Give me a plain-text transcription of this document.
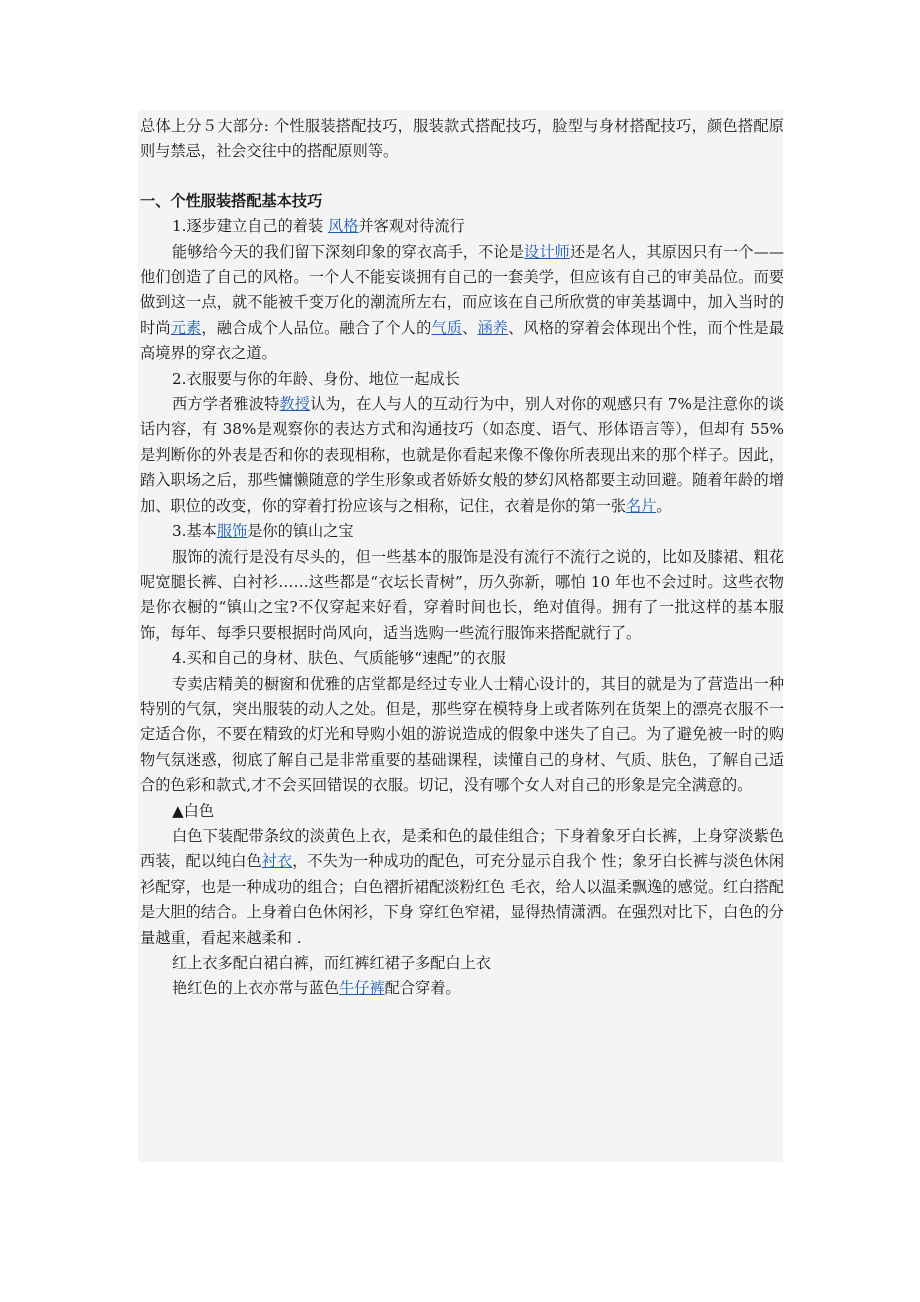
总体上分５大部分: 个性服装搭配技巧，服装款式搭配技巧，脸型与身材搭配技巧，颜色搭配原则与禁忌，社会交往中的搭配原则等。

一、个性服装搭配基本技巧

1.逐步建立自己的着装 风格并客观对待流行

能够给今天的我们留下深刻印象的穿衣高手，不论是设计师还是名人，其原因只有一个——他们创造了自己的风格。一个人不能妄谈拥有自己的一套美学，但应该有自己的审美品位。而要做到这一点，就不能被千变万化的潮流所左右，而应该在自己所欣赏的审美基调中，加入当时的时尚元素，融合成个人品位。融合了个人的气质、涵养、风格的穿着会体现出个性，而个性是最高境界的穿衣之道。

2.衣服要与你的年龄、身份、地位一起成长

西方学者雅波特教授认为，在人与人的互动行为中，别人对你的观感只有 7%是注意你的谈话内容，有 38%是观察你的表达方式和沟通技巧（如态度、语气、形体语言等），但却有 55%是判断你的外表是否和你的表现相称，也就是你看起来像不像你所表现出来的那个样子。因此，踏入职场之后，那些慵懒随意的学生形象或者娇娇女般的梦幻风格都要主动回避。随着年龄的增加、职位的改变，你的穿着打扮应该与之相称，记住，衣着是你的第一张名片。

3.基本服饰是你的镇山之宝

服饰的流行是没有尽头的，但一些基本的服饰是没有流行不流行之说的，比如及膝裙、粗花呢宽腿长裤、白衬衫……这些都是“衣坛长青树”，历久弥新，哪怕 10 年也不会过时。这些衣物是你衣橱的“镇山之宝?不仅穿起来好看，穿着时间也长，绝对值得。拥有了一批这样的基本服饰，每年、每季只要根据时尚风向，适当选购一些流行服饰来搭配就行了。

4.买和自己的身材、肤色、气质能够“速配”的衣服

专卖店精美的橱窗和优雅的店堂都是经过专业人士精心设计的，其目的就是为了营造出一种特别的气氛，突出服装的动人之处。但是，那些穿在模特身上或者陈列在货架上的漂亮衣服不一定适合你，不要在精致的灯光和导购小姐的游说造成的假象中迷失了自己。为了避免被一时的购物气氛迷惑，彻底了解自己是非常重要的基础课程，读懂自己的身材、气质、肤色，了解自己适合的色彩和款式,才不会买回错误的衣服。切记，没有哪个女人对自己的形象是完全满意的。

▲白色

白色下装配带条纹的淡黄色上衣，是柔和色的最佳组合；下身着象牙白长裤，上身穿淡紫色西装，配以纯白色衬衣，不失为一种成功的配色，可充分显示自我个 性；象牙白长裤与淡色休闲衫配穿，也是一种成功的组合；白色褶折裙配淡粉红色 毛衣，给人以温柔飘逸的感觉。红白搭配是大胆的结合。上身着白色休闲衫，下身 穿红色窄裙，显得热情潇洒。在强烈对比下，白色的分量越重，看起来越柔和 .

红上衣多配白裙白裤，而红裤红裙子多配白上衣

艳红色的上衣亦常与蓝色牛仔裤配合穿着。
